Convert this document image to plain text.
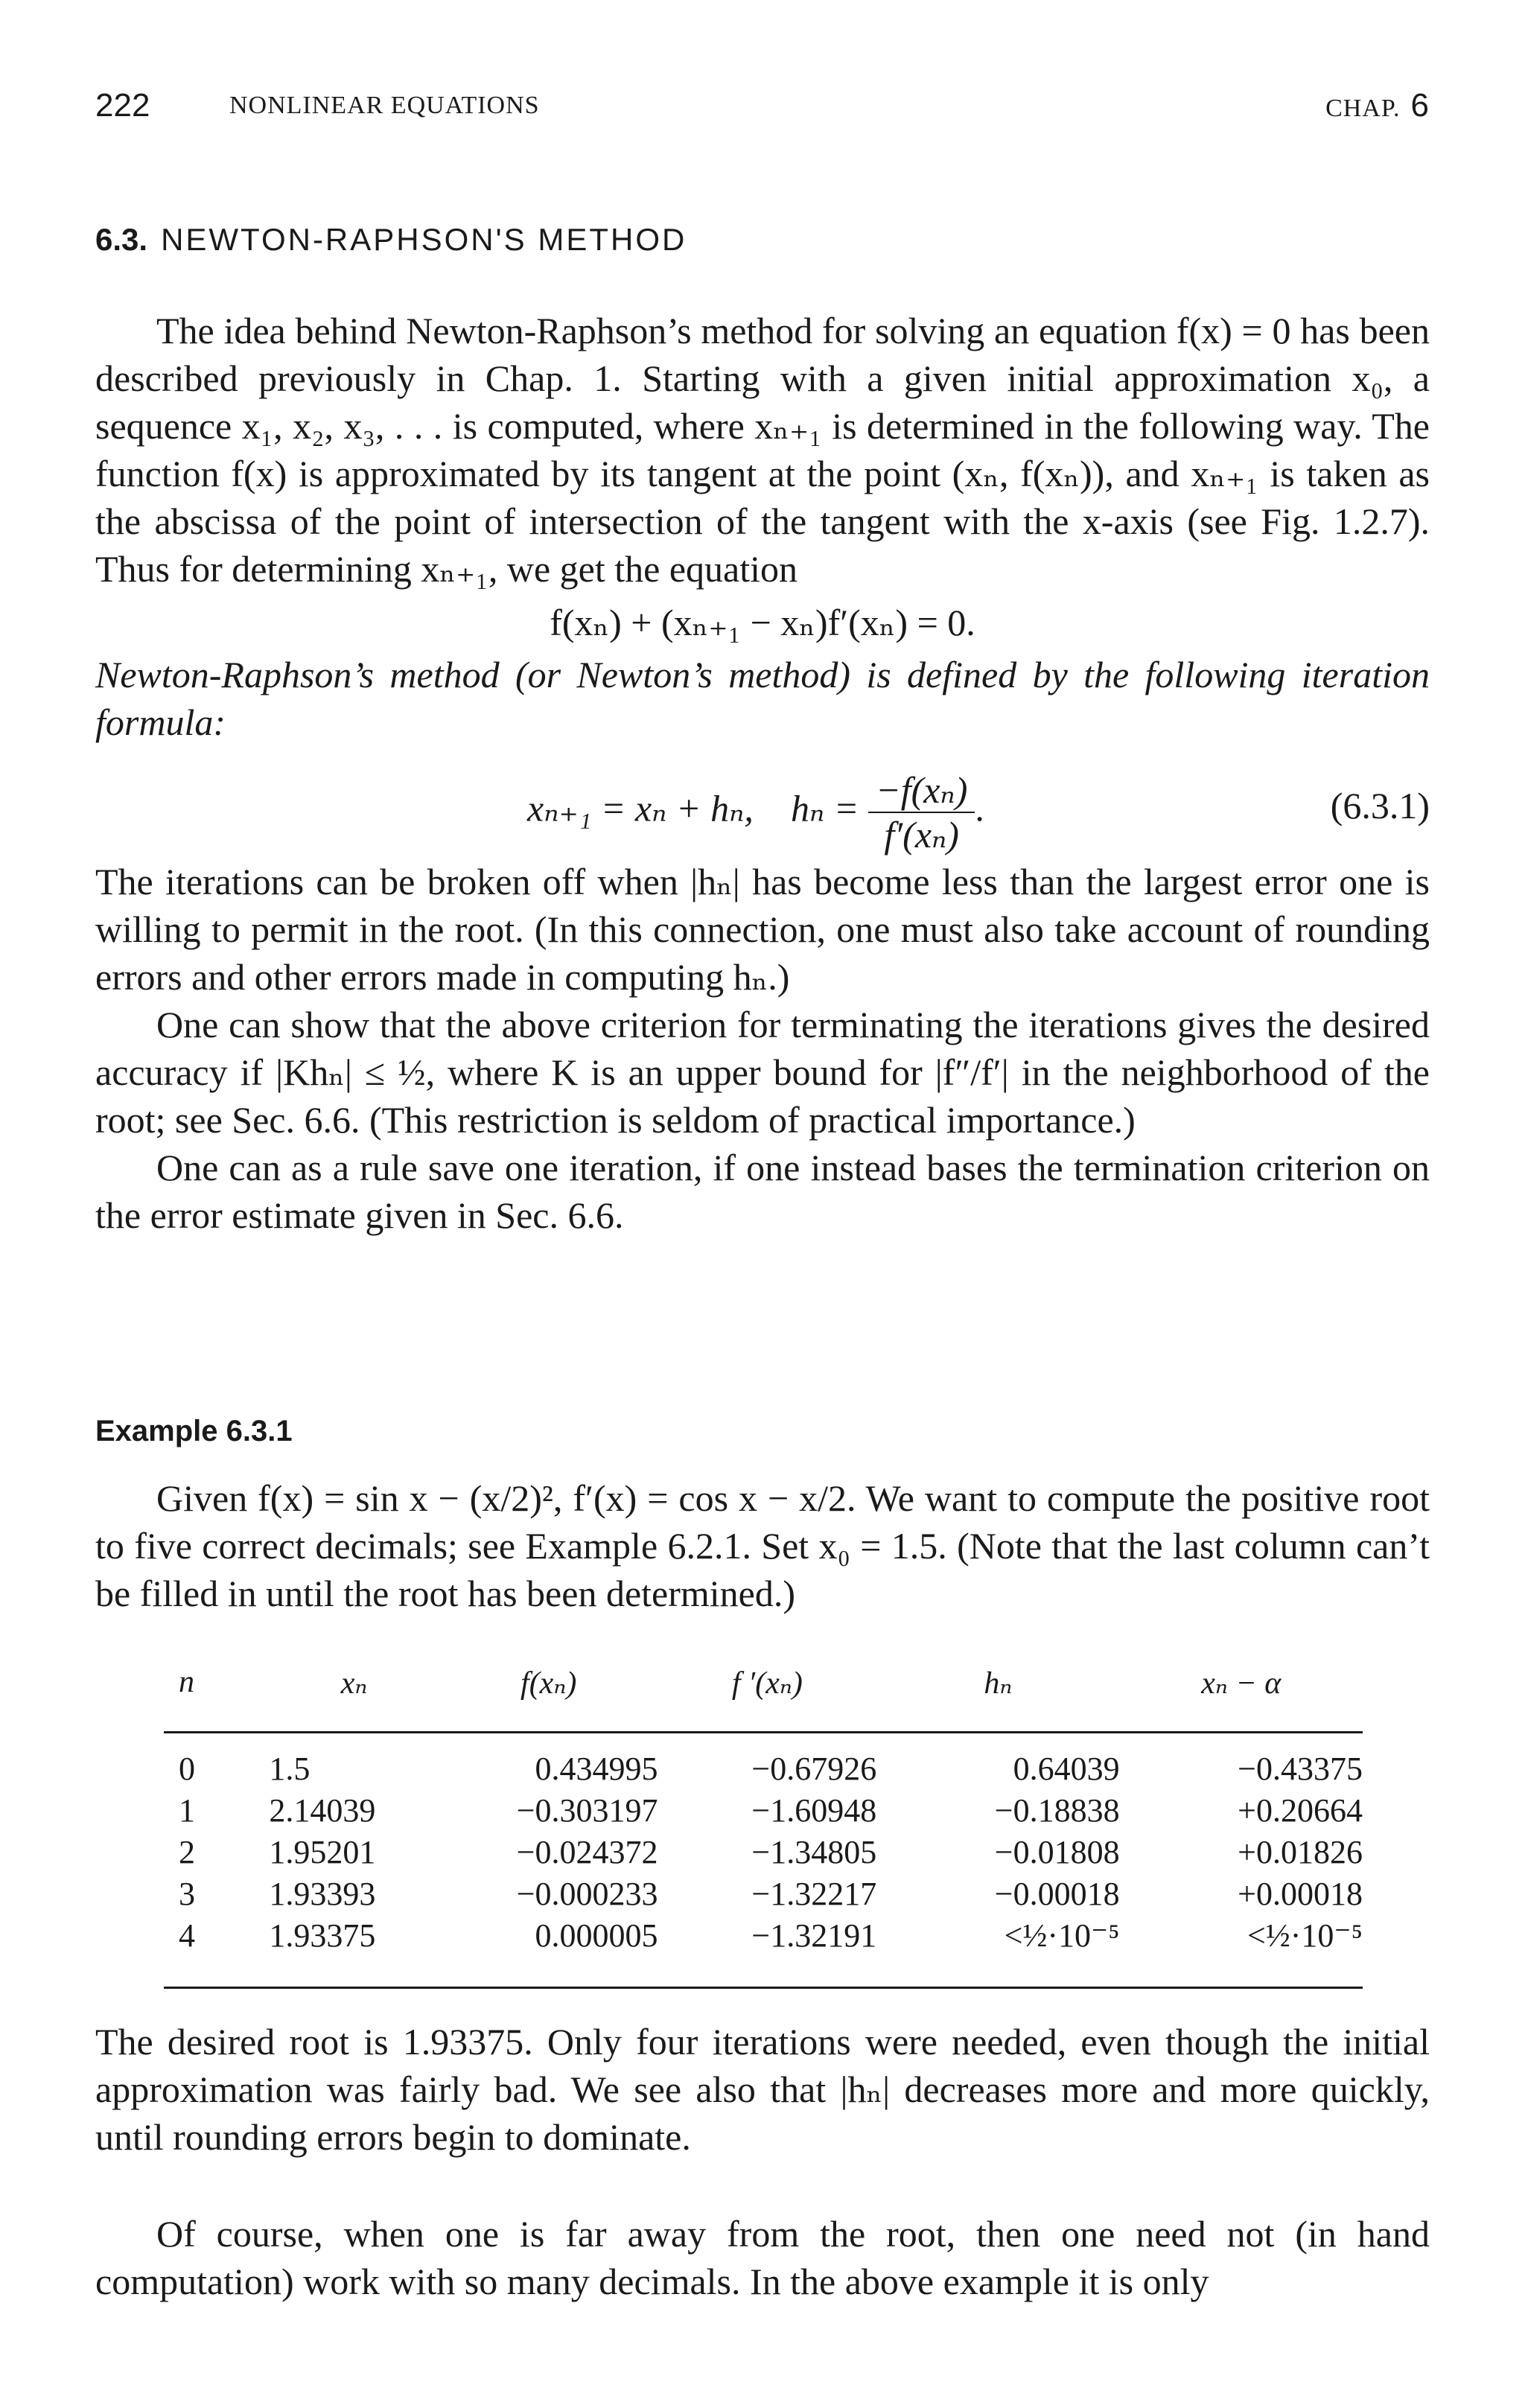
222	NONLINEAR EQUATIONS	CHAP. 6
6.3. NEWTON-RAPHSON'S METHOD

The idea behind Newton-Raphson’s method for solving an equation f(x) = 0 has been described previously in Chap. 1. Starting with a given initial approximation x₀, a sequence x₁, x₂, x₃, . . . is computed, where xₙ₊₁ is determined in the following way. The function f(x) is approximated by its tangent at the point (xₙ, f(xₙ)), and xₙ₊₁ is taken as the abscissa of the point of intersection of the tangent with the x-axis (see Fig. 1.2.7). Thus for determining xₙ₊₁, we get the equation

f(xₙ) + (xₙ₊₁ − xₙ)f′(xₙ) = 0.

Newton-Raphson’s method (or Newton’s method) is defined by the following iteration formula:

xₙ₊₁ = xₙ + hₙ, $h_n = \frac{\text{−f(xₙ)}}{\text{f′(xₙ)}}$ .	(6.3.1)

The iterations can be broken off when |hₙ| has become less than the largest error one is willing to permit in the root. (In this connection, one must also take account of rounding errors and other errors made in computing hₙ.)

One can show that the above criterion for terminating the iterations gives the desired accuracy if |Khₙ| ≤ ½, where K is an upper bound for |f″/f′| in the neighborhood of the root; see Sec. 6.6. (This restriction is seldom of practical importance.)

One can as a rule save one iteration, if one instead bases the termination criterion on the error estimate given in Sec. 6.6.

Example 6.3.1

Given f(x) = sin x − (x/2)², f′(x) = cos x − x/2. We want to compute the positive root to five correct decimals; see Example 6.2.1. Set x₀ = 1.5. (Note that the last column can’t be filled in until the root has been determined.)

n	xₙ	f(xₙ)	f ′(xₙ)	hₙ	xₙ − α
0	1.5	0.434995	−0.67926	0.64039	−0.43375
1	2.14039	−0.303197	−1.60948	−0.18838	+0.20664
2	1.95201	−0.024372	−1.34805	−0.01808	+0.01826
3	1.93393	−0.000233	−1.32217	−0.00018	+0.00018
4	1.93375	0.000005	−1.32191	<½·10⁻⁵	<½·10⁻⁵

The desired root is 1.93375. Only four iterations were needed, even though the initial approximation was fairly bad. We see also that |hₙ| decreases more and more quickly, until rounding errors begin to dominate.

Of course, when one is far away from the root, then one need not (in hand computation) work with so many decimals. In the above example it is only
